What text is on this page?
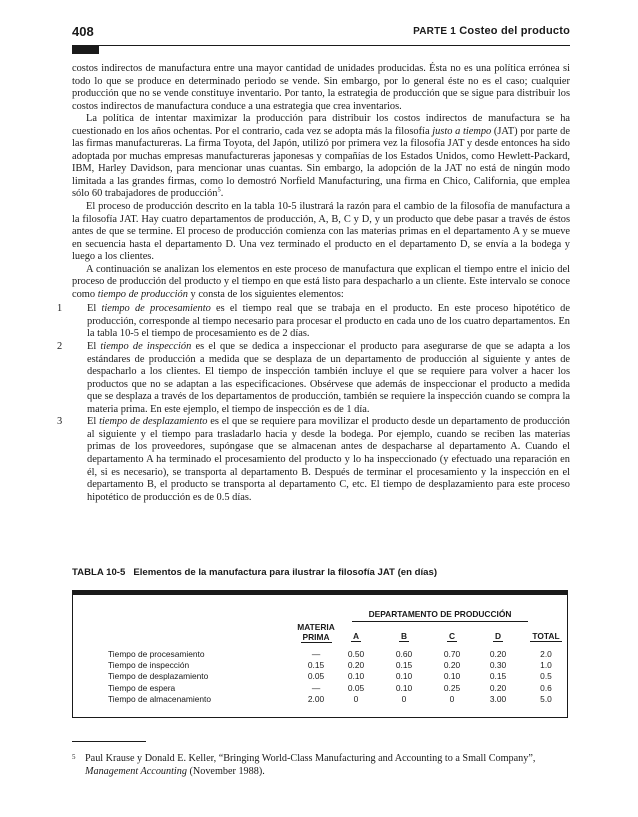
408	PARTE 1 Costeo del producto

costos indirectos de manufactura entre una mayor cantidad de unidades producidas. Ésta no es una política errónea si todo lo que se produce en determinado periodo se vende. Sin embargo, por lo general éste no es el caso; cualquier producción que no se vende constituye inventario. Por tanto, la estrategia de producción que se sigue para distribuir los costos indirectos de manufactura conduce a una estrategia que crea inventarios.

La política de intentar maximizar la producción para distribuir los costos indirectos de manufactura se ha cuestionado en los años ochentas. Por el contrario, cada vez se adopta más la filosofía justo a tiempo (JAT) por parte de las firmas manufactureras. La firma Toyota, del Japón, utilizó por primera vez la filosofía JAT y desde entonces ha sido adoptada por muchas empresas manufactureras japonesas y compañías de los Estados Unidos, como Hewlett-Packard, IBM, Harley Davidson, para mencionar unas cuantas. Sin embargo, la adopción de la JAT no está de ningún modo limitada a las grandes firmas, como lo demostró Norfield Manufacturing, una firma en Chico, California, que emplea sólo 60 trabajadores de producción$^5$.

El proceso de producción descrito en la tabla 10-5 ilustrará la razón para el cambio de la filosofía de manufactura a la filosofía JAT. Hay cuatro departamentos de producción, A, B, C y D, y un producto que debe pasar a través de éstos antes de que se termine. El proceso de producción comienza con las materias primas en el departamento A y se mueve en secuencia hasta el departamento D. Una vez terminado el producto en el departamento D, se envía a la bodega y luego a los clientes.

A continuación se analizan los elementos en este proceso de manufactura que explican el tiempo entre el inicio del proceso de producción del producto y el tiempo en que está listo para despacharlo a un cliente. Este intervalo se conoce como tiempo de producción y consta de los siguientes elementos:

1	El tiempo de procesamiento es el tiempo real que se trabaja en el producto. En este proceso hipotético de producción, corresponde al tiempo necesario para procesar el producto en cada uno de los cuatro departamentos. En la tabla 10-5 el tiempo de procesamiento es de 2 días.
2	El tiempo de inspección es el que se dedica a inspeccionar el producto para asegurarse de que se adapta a los estándares de producción a medida que se desplaza de un departamento de producción al siguiente y antes de despacharlo a los clientes. El tiempo de inspección también incluye el que se requiere para volver a hacer los productos que no se adaptan a las especificaciones. Obsérvese que además de inspeccionar el producto a medida que se desplaza a través de los departamentos de producción, también se requiere la inspección cuando se compra la materia prima. En este ejemplo, el tiempo de inspección es de 1 día.
3	El tiempo de desplazamiento es el que se requiere para movilizar el producto desde un departamento de producción al siguiente y el tiempo para trasladarlo hacia y desde la bodega. Por ejemplo, cuando se reciben las materias primas de los proveedores, supóngase que se almacenan antes de despacharse al departamento A. Cuando el departamento A ha terminado el procesamiento del producto y lo ha inspeccionado (y efectuado una reparación en él, si es necesario), se transporta al departamento B. Después de terminar el procesamiento y la inspección en el departamento B, el producto se transporta al departamento C, etc. El tiempo de desplazamiento para este proceso hipotético de producción es de 0.5 días.
TABLA 10-5 Elementos de la manufactura para ilustrar la filosofía JAT (en días)
DEPARTAMENTO DE PRODUCCIÓN
MATERIA
PRIMA	A	B	C	D	TOTAL
Tiempo de procesamiento	—	0.50	0.60	0.70	0.20	2.0
Tiempo de inspección	0.15	0.20	0.15	0.20	0.30	1.0
Tiempo de desplazamiento	0.05	0.10	0.10	0.10	0.15	0.5
Tiempo de espera	—	0.05	0.10	0.25	0.20	0.6
Tiempo de almacenamiento	2.00	0	0	0	3.00	5.0
5 Paul Krause y Donald E. Keller, “Bringing World-Class Manufacturing and Accounting to a Small Company”, Management Accounting (November 1988).
